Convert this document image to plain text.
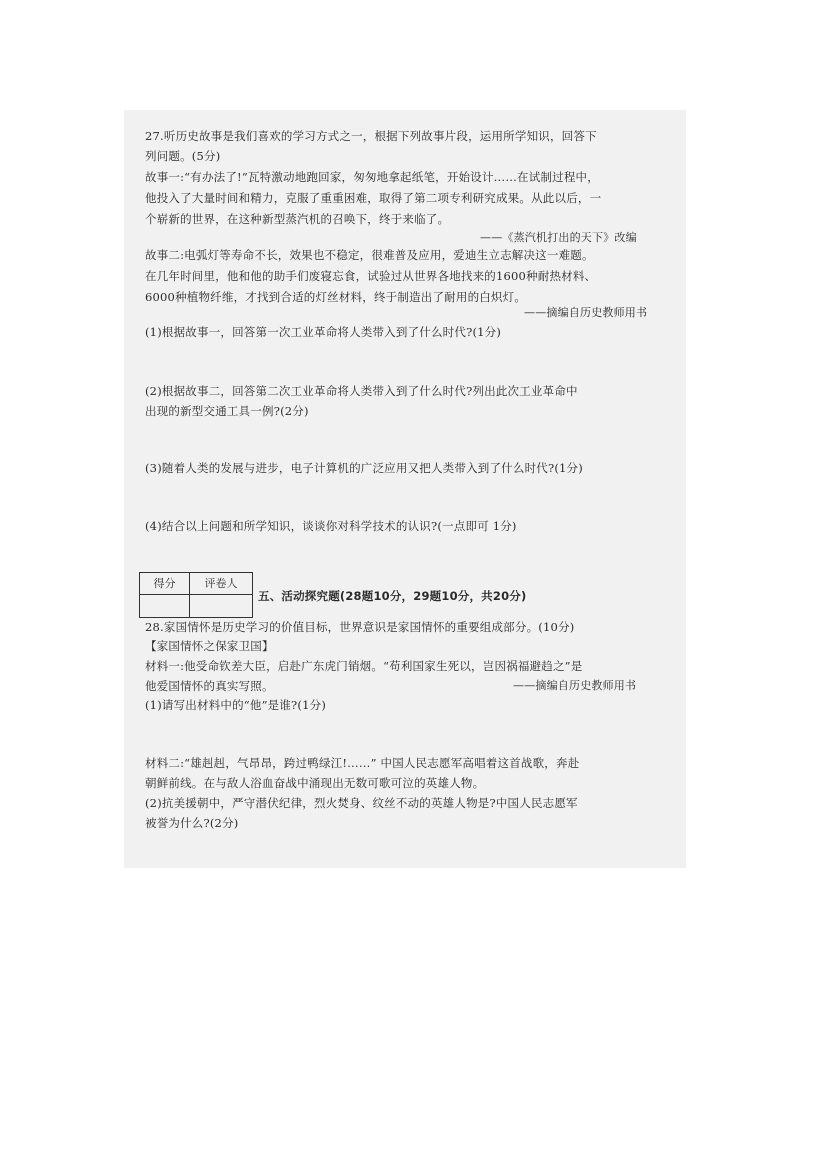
27.听历史故事是我们喜欢的学习方式之一，根据下列故事片段，运用所学知识，回答下
列问题。(5分)
故事一:“有办法了!”瓦特激动地跑回家，匆匆地拿起纸笔，开始设计……在试制过程中，
他投入了大量时间和精力，克服了重重困难，取得了第二项专利研究成果。从此以后，一
个崭新的世界，在这种新型蒸汽机的召唤下，终于来临了。
——《蒸汽机打出的天下》改编
故事二:电弧灯等寿命不长，效果也不稳定，很难普及应用，爱迪生立志解决这一难题。
在几年时间里，他和他的助手们废寝忘食，试验过从世界各地找来的1600种耐热材料、
6000种植物纤维，才找到合适的灯丝材料，终于制造出了耐用的白炽灯。
——摘编自历史教师用书
(1)根据故事一，回答第一次工业革命将人类带入到了什么时代?(1分)
(2)根据故事二，回答第二次工业革命将人类带入到了什么时代?列出此次工业革命中
出现的新型交通工具一例?(2分)
(3)随着人类的发展与进步，电子计算机的广泛应用又把人类带入到了什么时代?(1分)
(4)结合以上问题和所学知识，谈谈你对科学技术的认识?(一点即可 1分)
得分	评卷人
五、活动探究题(28题10分，29题10分，共20分)
28.家国情怀是历史学习的价值目标，世界意识是家国情怀的重要组成部分。(10分)
【家国情怀之保家卫国】
材料一:他受命钦差大臣，启赴广东虎门销烟。“苟利国家生死以，岂因祸福避趋之”是
他爱国情怀的真实写照。	——摘编自历史教师用书
(1)请写出材料中的“他”是谁?(1分)
材料二:“雄赳赳，气昂昂，跨过鸭绿江!……” 中国人民志愿军高唱着这首战歌，奔赴
朝鲜前线。在与敌人浴血奋战中涌现出无数可歌可泣的英雄人物。
(2)抗美援朝中，严守潜伏纪律，烈火焚身、纹丝不动的英雄人物是?中国人民志愿军
被誉为什么?(2分)
